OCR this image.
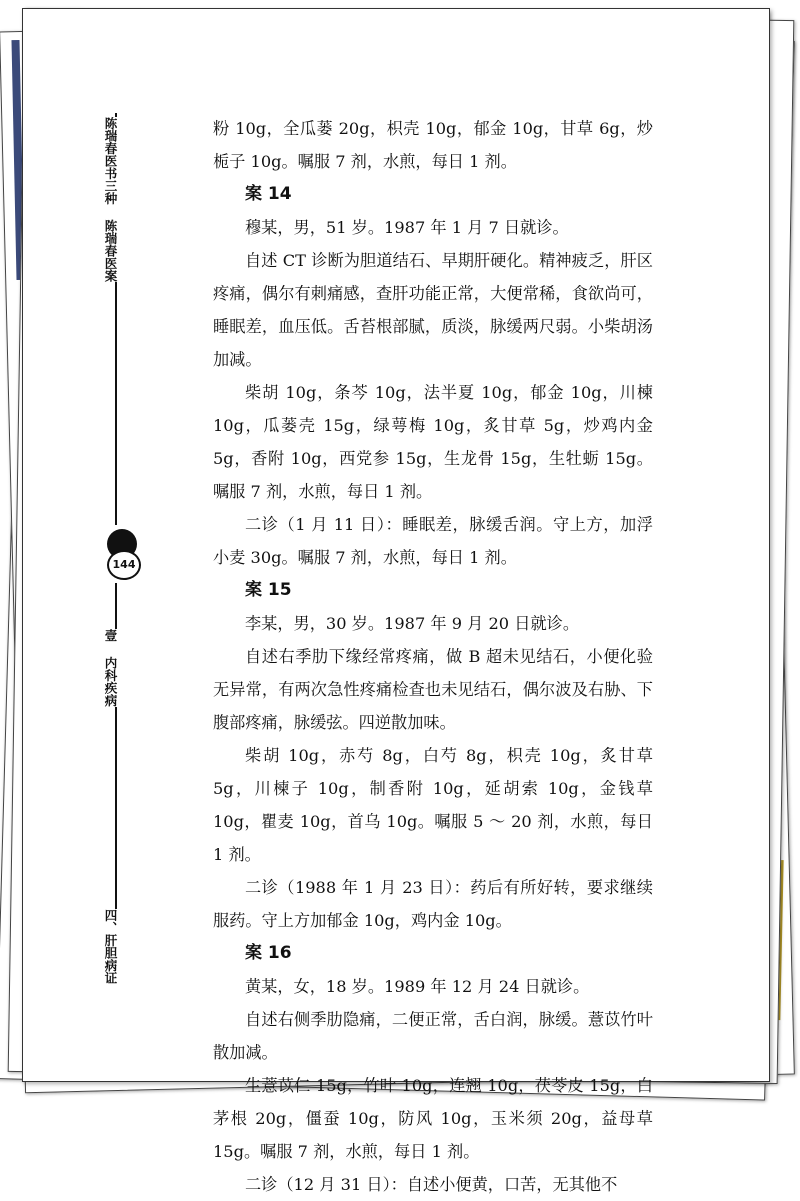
陈瑞春医书三种 陈瑞春医案
144
壹 内科疾病
四、肝胆病证

粉 10g，全瓜蒌 20g，枳壳 10g，郁金 10g，甘草 6g，炒栀子 10g。嘱服 7 剂，水煎，每日 1 剂。

案 14

穆某，男，51 岁。1987 年 1 月 7 日就诊。

自述 CT 诊断为胆道结石、早期肝硬化。精神疲乏，肝区疼痛，偶尔有刺痛感，查肝功能正常，大便常稀，食欲尚可，睡眠差，血压低。舌苔根部腻，质淡，脉缓两尺弱。小柴胡汤加减。

柴胡 10g，条芩 10g，法半夏 10g，郁金 10g，川楝 10g，瓜蒌壳 15g，绿萼梅 10g，炙甘草 5g，炒鸡内金 5g，香附 10g，西党参 15g，生龙骨 15g，生牡蛎 15g。嘱服 7 剂，水煎，每日 1 剂。

二诊（1 月 11 日）：睡眠差，脉缓舌润。守上方，加浮小麦 30g。嘱服 7 剂，水煎，每日 1 剂。

案 15

李某，男，30 岁。1987 年 9 月 20 日就诊。

自述右季肋下缘经常疼痛，做 B 超未见结石，小便化验无异常，有两次急性疼痛检查也未见结石，偶尔波及右胁、下腹部疼痛，脉缓弦。四逆散加味。

柴胡 10g，赤芍 8g，白芍 8g，枳壳 10g，炙甘草 5g，川楝子 10g，制香附 10g，延胡索 10g，金钱草 10g，瞿麦 10g，首乌 10g。嘱服 5 ～ 20 剂，水煎，每日 1 剂。

二诊（1988 年 1 月 23 日）：药后有所好转，要求继续服药。守上方加郁金 10g，鸡内金 10g。

案 16

黄某，女，18 岁。1989 年 12 月 24 日就诊。

自述右侧季肋隐痛，二便正常，舌白润，脉缓。薏苡竹叶散加减。

生薏苡仁 15g，竹叶 10g，连翘 10g，茯苓皮 15g，白茅根 20g，僵蚕 10g，防风 10g，玉米须 20g，益母草 15g。嘱服 7 剂，水煎，每日 1 剂。

二诊（12 月 31 日）：自述小便黄，口苦，无其他不
